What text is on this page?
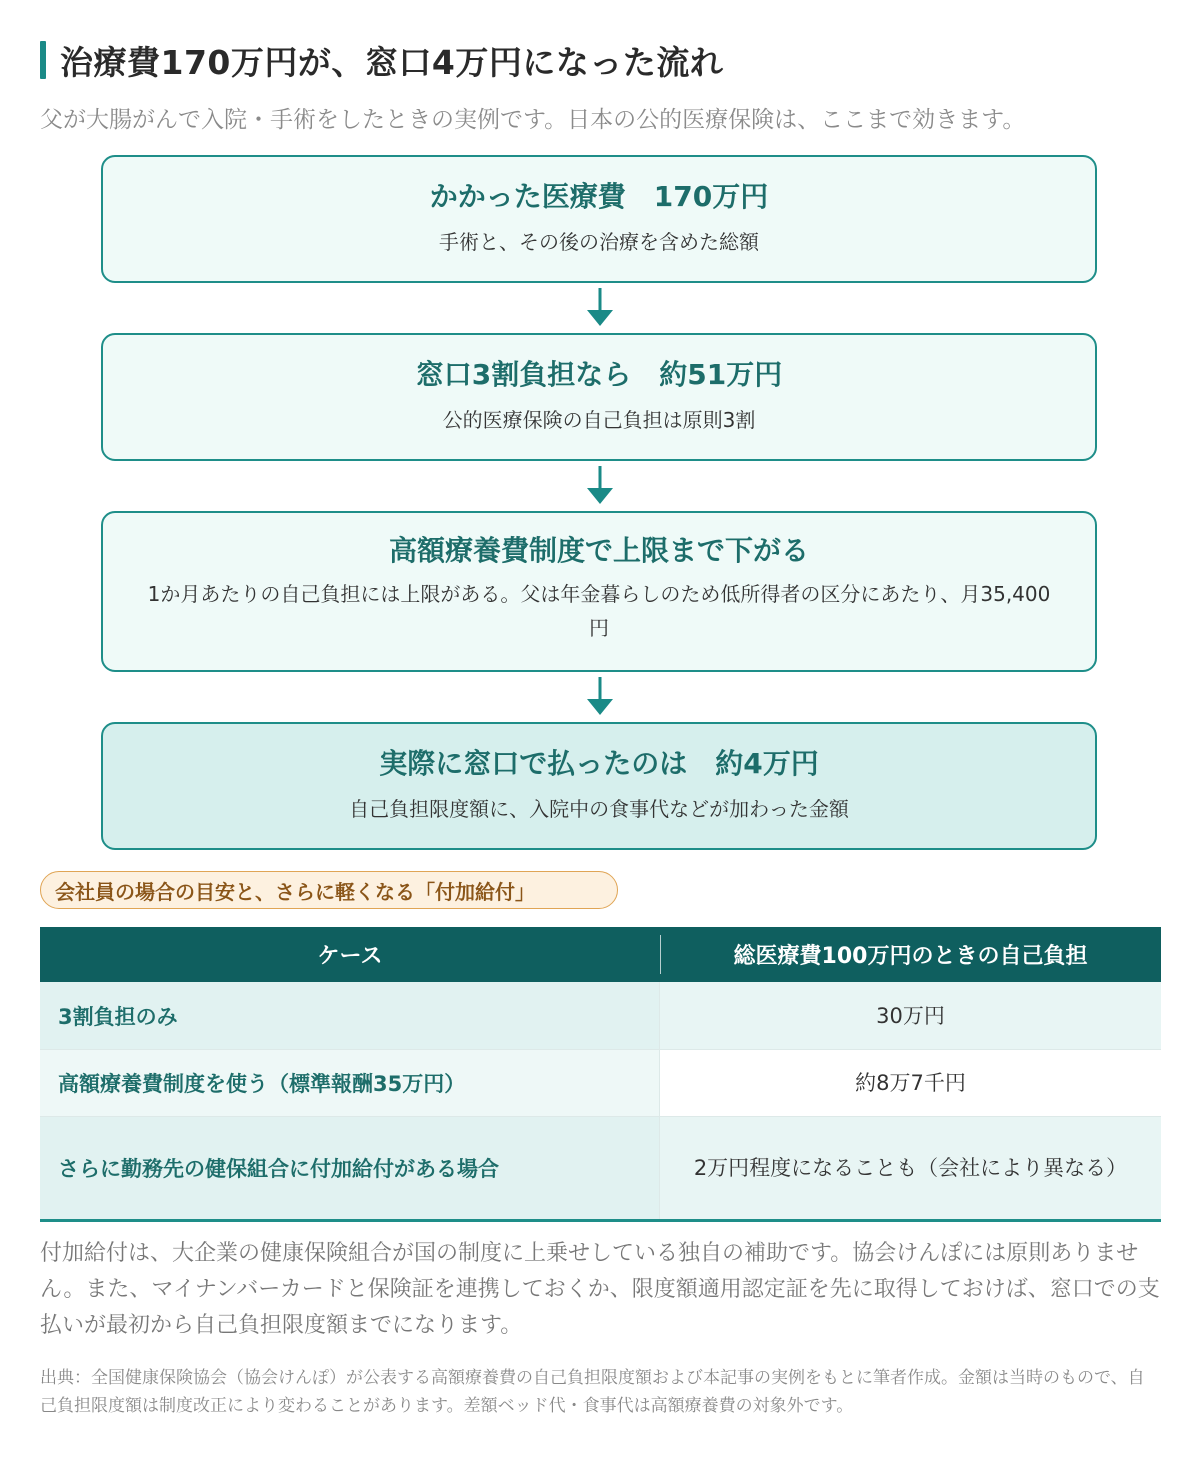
治療費170万円が、窓口4万円になった流れ
父が大腸がんで入院・手術をしたときの実例です。日本の公的医療保険は、ここまで効きます。
かかった医療費　170万円
手術と、その後の治療を含めた総額
窓口3割負担なら　約51万円
公的医療保険の自己負担は原則3割
高額療養費制度で上限まで下がる
1か月あたりの自己負担には上限がある。父は年金暮らしのため低所得者の区分にあたり、月35,400円
実際に窓口で払ったのは　約4万円
自己負担限度額に、入院中の食事代などが加わった金額
会社員の場合の目安と、さらに軽くなる「付加給付」
ケース	総医療費100万円のときの自己負担
3割負担のみ	30万円
高額療養費制度を使う（標準報酬35万円）	約8万7千円
さらに勤務先の健保組合に付加給付がある場合	2万円程度になることも（会社により異なる）
付加給付は、大企業の健康保険組合が国の制度に上乗せしている独自の補助です。協会けんぽには原則ありません。また、マイナンバーカードと保険証を連携しておくか、限度額適用認定証を先に取得しておけば、窓口での支払いが最初から自己負担限度額までになります。
出典：全国健康保険協会（協会けんぽ）が公表する高額療養費の自己負担限度額および本記事の実例をもとに筆者作成。金額は当時のもので、自己負担限度額は制度改正により変わることがあります。差額ベッド代・食事代は高額療養費の対象外です。
